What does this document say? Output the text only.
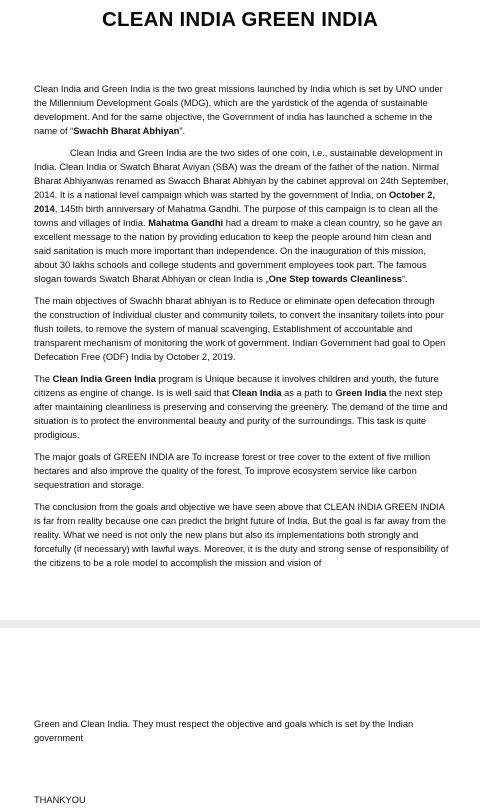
CLEAN INDIA GREEN INDIA

Clean India and Green India is the two great missions launched by India which is set by UNO under the Millennium Development Goals (MDG), which are the yardstick of the agenda of sustainable development. And for the same objective, the Government of india has launched a scheme in the name of “Swachh Bharat Abhiyan”.

Clean India and Green India are the two sides of one coin, i.e., sustainable development in India. Clean India or Swatch Bharat Aviyan (SBA) was the dream of the father of the nation. Nirmal Bharat Abhiyanwas renamed as Swacch Bharat Abhiyan by the cabinet approval on 24th September, 2014. It is a national level campaign which was started by the government of India, on October 2, 2014, 145th birth anniversary of Mahatma Gandhi. The purpose of this campaign is to clean all the towns and villages of India. Mahatma Gandhi had a dream to make a clean country, so he gave an excellent message to the nation by providing education to keep the people around him clean and said sanitation is much more important than independence. On the inauguration of this mission, about 30 lakhs schools and college students and government employees took part. The famous slogan towards Swatch Bharat Abhiyan or clean India is „One Step towards Cleanliness“.

The main objectives of Swachh bharat abhiyan is to Reduce or eliminate open defecation through the construction of Individual cluster and community toilets, to convert the insanitary toilets into pour flush toilets, to remove the system of manual scavenging, Establishment of accountable and transparent mechanism of monitoring the work of government. Indian Government had goal to Open Defecation Free (ODF) India by October 2, 2019.

The Clean India Green India program is Unique because it involves children and youth, the future citizens as engine of change. Is is well said that Clean India as a path to Green India the next step after maintaining cleanliness is preserving and conserving the greenery. The demand of the time and situation is to protect the environmental beauty and purity of the surroundings. This task is quite prodigious.

The major goals of GREEN INDIA are To increase forest or tree cover to the extent of five million hectares and also improve the quality of the forest, To improve ecosystem service like carbon sequestration and storage.

The conclusion from the goals and objective we have seen above that CLEAN INDIA GREEN INDIA is far from reality because one can predict the bright future of India. But the goal is far away from the reality. What we need is not only the new plans but also its implementations both strongly and forcefully (if necessary) with lawful ways. Moreover, it is the duty and strong sense of responsibility of the citizens to be a role model to accomplish the mission and vision of

Green and Clean India. They must respect the objective and goals which is set by the Indian government
THANKYOU
